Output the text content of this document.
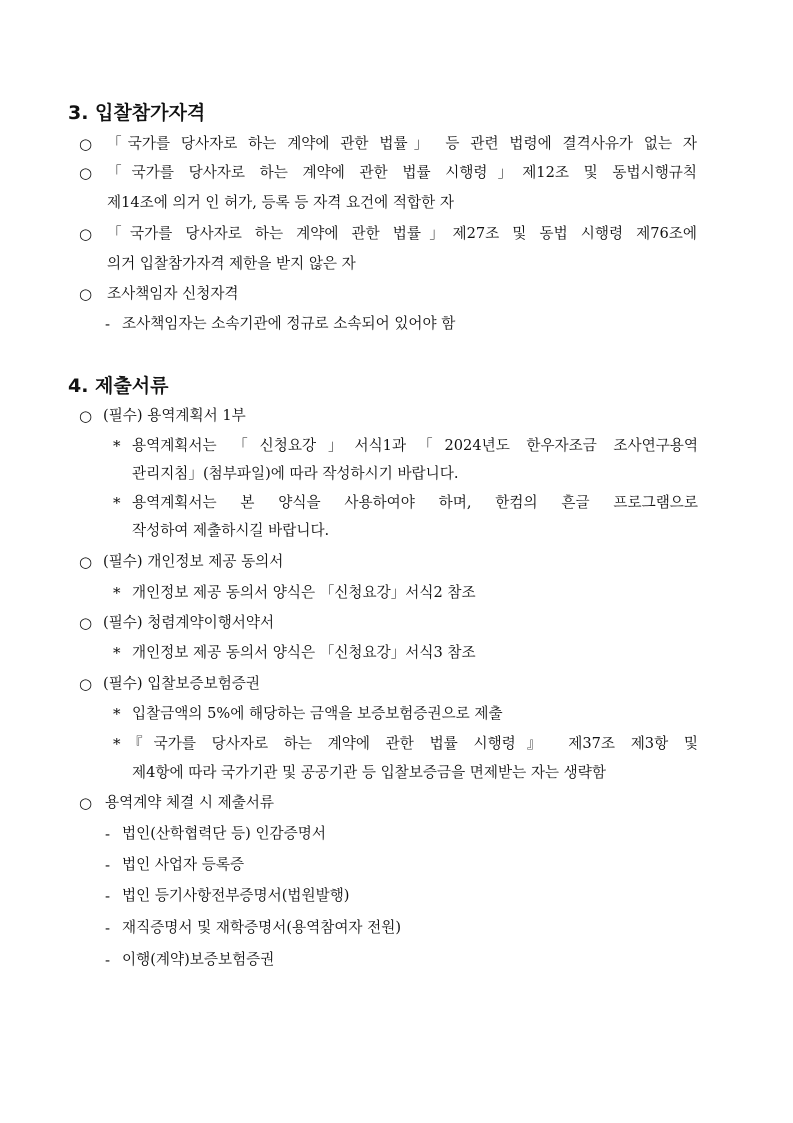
3. 입찰참가자격
○ 「국가를 당사자로 하는 계약에 관한 법률」 등 관련 법령에 결격사유가 없는 자
○ 「국가를 당사자로 하는 계약에 관한 법률 시행령」제12조 및 동법시행규칙
제14조에 의거 인 허가, 등록 등 자격 요건에 적합한 자
○ 「국가를 당사자로 하는 계약에 관한 법률」제27조 및 동법 시행령 제76조에
의거 입찰참가자격 제한을 받지 않은 자
○ 조사책임자 신청자격
- 조사책임자는 소속기관에 정규로 소속되어 있어야 함
4. 제출서류
○ (필수) 용역계획서 1부
* 용역계획서는 「신청요강」서식1과「2024년도 한우자조금 조사연구용역
관리지침」(첨부파일)에 따라 작성하시기 바랍니다.
* 용역계획서는 본 양식을 사용하여야 하며, 한컴의 흔글 프로그램으로
작성하여 제출하시길 바랍니다.
○ (필수) 개인정보 제공 동의서
* 개인정보 제공 동의서 양식은 「신청요강」서식2 참조
○ (필수) 청렴계약이행서약서
* 개인정보 제공 동의서 양식은 「신청요강」서식3 참조
○ (필수) 입찰보증보험증권
* 입찰금액의 5%에 해당하는 금액을 보증보험증권으로 제출
* 『국가를 당사자로 하는 계약에 관한 법률 시행령』 제37조 제3항 및
제4항에 따라 국가기관 및 공공기관 등 입찰보증금을 면제받는 자는 생략함
○ 용역계약 체결 시 제출서류
- 법인(산학협력단 등) 인감증명서
- 법인 사업자 등록증
- 법인 등기사항전부증명서(법원발행)
- 재직증명서 및 재학증명서(용역참여자 전원)
- 이행(계약)보증보험증권
